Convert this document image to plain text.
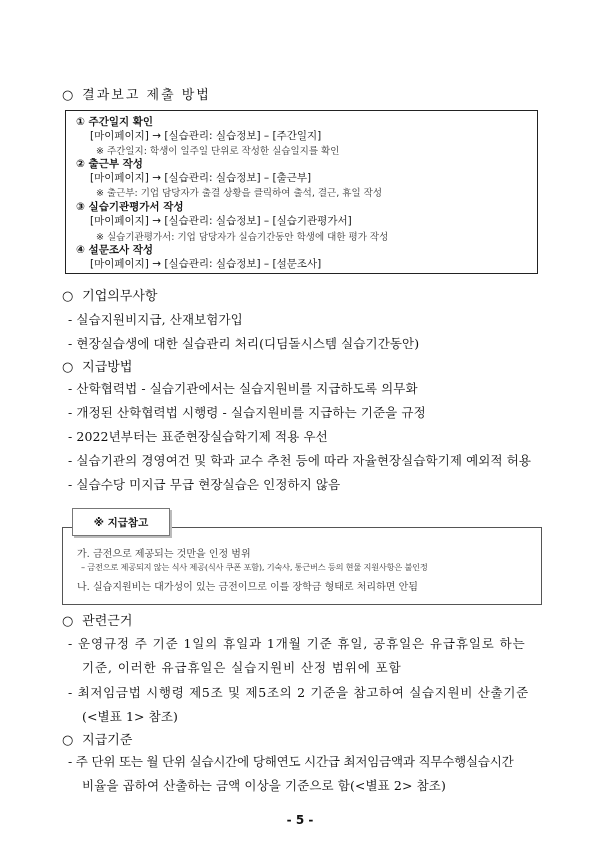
○ 결과보고 제출 방법
① 주간일지 확인
[마이페이지] → [실습관리: 실습정보] – [주간일지]
※ 주간일지: 학생이 일주일 단위로 작성한 실습일지를 확인
② 출근부 작성
[마이페이지] → [실습관리: 실습정보] – [출근부]
※ 출근부: 기업 담당자가 출결 상황을 클릭하여 출석, 결근, 휴일 작성
③ 실습기관평가서 작성
[마이페이지] → [실습관리: 실습정보] – [실습기관평가서]
※ 실습기관평가서: 기업 담당자가 실습기간동안 학생에 대한 평가 작성
④ 설문조사 작성
[마이페이지] → [실습관리: 실습정보] – [설문조사]
○ 기업의무사항
- 실습지원비지급, 산재보험가입
- 현장실습생에 대한 실습관리 처리(디딤돌시스템 실습기간동안)
○ 지급방법
- 산학협력법 - 실습기관에서는 실습지원비를 지급하도록 의무화
- 개정된 산학협력법 시행령 - 실습지원비를 지급하는 기준을 규정
- 2022년부터는 표준현장실습학기제 적용 우선
- 실습기관의 경영여건 및 학과 교수 추천 등에 따라 자율현장실습학기제 예외적 허용
- 실습수당 미지급 무급 현장실습은 인정하지 않음
가. 금전으로 제공되는 것만을 인정 범위
– 금전으로 제공되지 않는 식사 제공(식사 쿠폰 포함), 기숙사, 통근버스 등의 현물 지원사항은 불인정
나. 실습지원비는 대가성이 있는 금전이므로 이를 장학금 형태로 처리하면 안됨
※ 지급참고
○ 관련근거
- 운영규정 주 기준 1일의 휴일과 1개월 기준 휴일, 공휴일은 유급휴일로 하는
기준, 이러한 유급휴일은 실습지원비 산정 범위에 포함
- 최저임금법 시행령 제5조 및 제5조의 2 기준을 참고하여 실습지원비 산출기준
(<별표 1> 참조)
○ 지급기준
- 주 단위 또는 월 단위 실습시간에 당해연도 시간급 최저임금액과 직무수행실습시간
비율을 곱하여 산출하는 금액 이상을 기준으로 함(<별표 2> 참조)
- 5 -
